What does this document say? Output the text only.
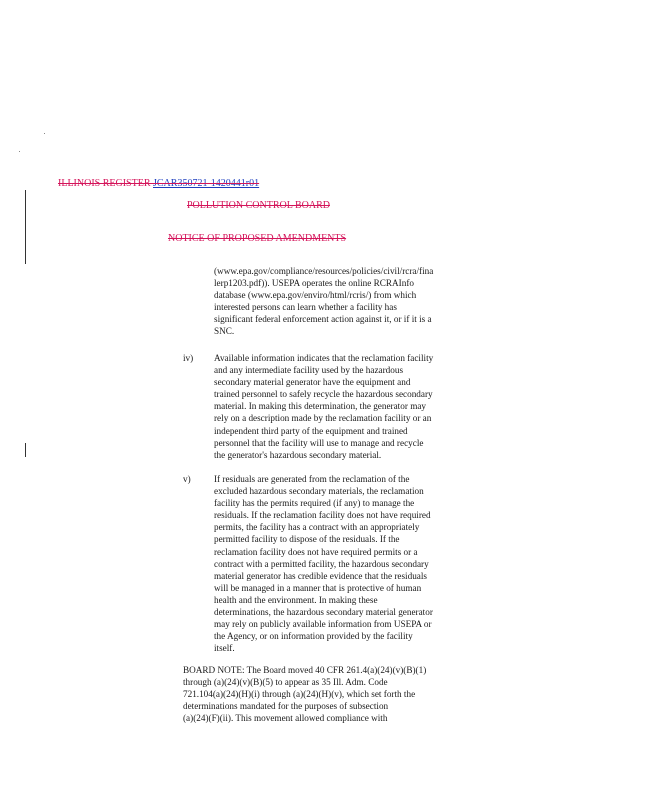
ILLINOIS REGISTER JCAR350721-1420441r01
POLLUTION CONTROL BOARD
NOTICE OF PROPOSED AMENDMENTS
(www.epa.gov/compliance/resources/policies/civil/rcra/fina
lerp1203.pdf)). USEPA operates the online RCRAInfo
database (www.epa.gov/enviro/html/rcris/) from which
interested persons can learn whether a facility has
significant federal enforcement action against it, or if it is a
SNC.
iv) Available information indicates that the reclamation facility
and any intermediate facility used by the hazardous
secondary material generator have the equipment and
trained personnel to safely recycle the hazardous secondary
material. In making this determination, the generator may
rely on a description made by the reclamation facility or an
independent third party of the equipment and trained
personnel that the facility will use to manage and recycle
the generator's hazardous secondary material.
v)	If residuals are generated from the reclamation of the
excluded hazardous secondary materials, the reclamation
facility has the permits required (if any) to manage the
residuals. If the reclamation facility does not have required
permits, the facility has a contract with an appropriately
permitted facility to dispose of the residuals. If the
reclamation facility does not have required permits or a
contract with a permitted facility, the hazardous secondary
material generator has credible evidence that the residuals
will be managed in a manner that is protective of human
health and the environment. In making these
determinations, the hazardous secondary material generator
may rely on publicly available information from USEPA or
the Agency, or on information provided by the facility
itself.
BOARD NOTE: The Board moved 40 CFR 261.4(a)(24)(v)(B)(1)
through (a)(24)(v)(B)(5) to appear as 35 Ill. Adm. Code
721.104(a)(24)(H)(i) through (a)(24)(H)(v), which set forth the
determinations mandated for the purposes of subsection
(a)(24)(F)(ii). This movement allowed compliance with
